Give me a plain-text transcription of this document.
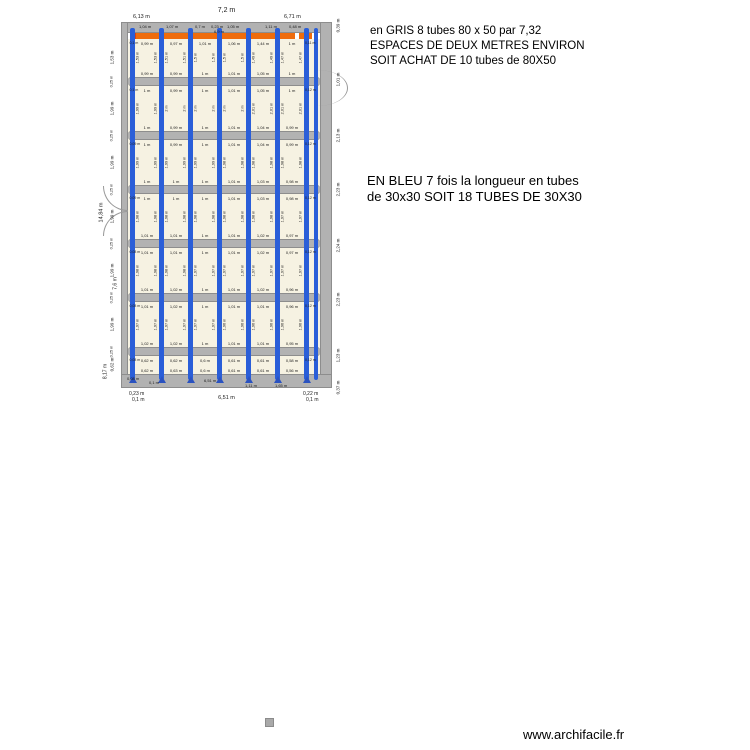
7,2 m
6,13 m	6,71 m
1,04 m	1,07 m	0,7 m 0,23 m 1,05 m	1,11 m	0,48 m
6,9 m
1,53 m
0,1 m	0,11 m
0,99 m
0,99 m
1,53 m	1,53 m
0,97 m
0,99 m
1,51 m	1,51 m
1,01 m
1 m
1,5 m	1,5 m
1,06 m
1,01 m
1,5 m	1,5 m
1,44 m
1,05 m
1,49 m	1,49 m
1 m
1 m
1,47 m	1,47 m
1,99 m
0,1 m	0,12 m
1 m
1 m
1,99 m	1,99 m
0,99 m
0,99 m
2 m	2 m
1 m
1 m
2 m	2 m
1,01 m
1,01 m
2 m	2 m
1,05 m
1,04 m
2,01 m	2,01 m
1 m
0,99 m
2,01 m	2,01 m
1,99 m
0,09 m	0,12 m
1 m
1 m
1,99 m	1,99 m
0,99 m
1 m
1,99 m	1,99 m
1 m
1 m
1,99 m	1,99 m
1,01 m
1,01 m
1,98 m	1,98 m
1,04 m
1,03 m
1,98 m	1,98 m
0,99 m
0,98 m
1,98 m	1,98 m
1,99 m
0,09 m	0,12 m
1 m
1,01 m
1,98 m	1,98 m
1 m
1,01 m
1,98 m	1,98 m
1 m
1 m
1,98 m	1,98 m
1,01 m
1,01 m
1,98 m	1,98 m
1,03 m
1,02 m
1,98 m	1,98 m
0,98 m
0,97 m
1,97 m	1,97 m
1,99 m
0,08 m	0,12 m
1,01 m
1,01 m
1,98 m	1,98 m
1,01 m
1,02 m
1,98 m	1,98 m
1 m
1 m
1,97 m	1,97 m
1,01 m
1,01 m
1,97 m	1,97 m
1,02 m
1,02 m
1,97 m	1,97 m
0,97 m
0,96 m
1,97 m	1,97 m
1,99 m
0,08 m	0,12 m
1,01 m
1,02 m
1,97 m	1,97 m
1,02 m
1,02 m
1,97 m	1,97 m
1 m
1 m
1,97 m	1,97 m
1,01 m
1,01 m
1,96 m	1,96 m
1,01 m
1,01 m
1,96 m	1,96 m
0,96 m
0,95 m
1,96 m	1,96 m
0,62 m	0,08 m	0,12 m
0,62 m
0,62 m
0,62 m
0,63 m
0,6 m
0,6 m
0,61 m
0,61 m
0,61 m
0,61 m
0,58 m
0,56 m
0,25 m
0,25 m
0,25 m
0,25 m
0,25 m
0,25 m
14,84 m
7,6 m
8,17 m
0,39 m
1,01 m
2,13 m
2,23 m
2,24 m
2,23 m
1,23 m
0,37 m
0,08 m
0,1 m	6,51 m
1,11 m	1,65 m
0,23 m
0,1 m	6,51 m
0,22 m
0,1 m
en GRIS 8 tubes 80 x 50 par 7,32
ESPACES DE DEUX METRES ENVIRON
SOIT ACHAT DE 10 tubes de 80X50
EN BLEU 7 fois la longueur en tubes
de 30x30 SOIT 18 TUBES DE 30X30
www.archifacile.fr
